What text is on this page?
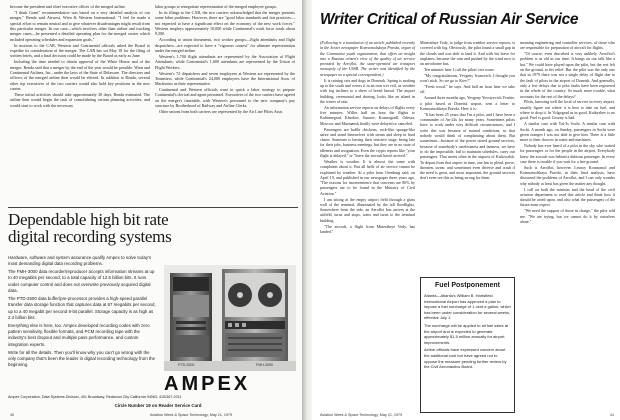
become the president and chief executive officer of the merged airline.

"I think Grant" recommendation was based on a very detailed analysis of our merger," Renda said Airwest, Wien & Western International. "I feel he made a special effort to remain neutral and to give whatever disadvantages might result from this particular merger. In our case—which involves other than airline and trucking merger cases—he presented a detailed operating plan for the merged carrier which included operating schedules and expansion goals."

In motions to the CAB, Western and Continental officials asked the Board to expedite its consideration of the merger. The CAB has set May 18 for the filing of written briefs, and a final decision could be made by the Board as early as June.

Including the time needed to obtain approval of the White House and of the merger, Renda said that a merger by the end of the year would be possible. Wien and Continental Airlines, Inc., under the laws of the State of Delaware. The directors and officers of the merged airline then would be elected. In addition to Renda, several other top executives of the two carriers would also hold key positions in the new carrier.

These initial activities should take approximately 30 days, Renda estimated. The airline then would begin the task of consolidating certain planning activities, and would start to work with the necessary

labor groups to renegotiate representation of the merged employee groups.

In its filings to the CAB, the two carriers acknowledged that the merger presents some labor problems. However, there are "good labor standards and fair practices—not expected to have a significant effect on the economy of the new work forces." Western employs approximately 10,000 while Continental's work force totals about 9,500.

According to union documents, two worker groups—flight attendants and flight dispatchers—are expected to have a "vigorous contest" for ultimate representation under the merged airline.

Western's 1,700 flight attendants are represented by the Association of Flight Attendants, while Continental's 1,600 attendants are represented by the Union of Flight Workers.

Western's 72 dispatchers and seven employees at Western are represented by the Teamsters, while Continental's 24,000 employees have the International Assn. of Machinists as their representative.

Continental and Western officials want to quick a labor strategy to prepare Continental's clerical and agent personnel. Executives of the two carriers have agreed on the merger's timetable, with Western's personnel to the new company's pay structure by Brotherhood of Railway and Airline Clerks.

Other unions from both carriers are represented by the Air Line Pilots Assn.

Dependable high bit rate digital recording systems

Hardware, software and system assurance qualify Ampex to solve today's most demanding digital data recording problems.

The FMH-3000 data recorder/reproducer accepts information streams at up to 40 megabits per second, to a total capacity of 12.5 billion bits. It runs under computer control and does not overwrite previously acquired digital data.

The PTD-2500 data buffer/pre-processor provides a high-speed parallel transfer data storage function that captures data at 67 megabits per second, up to a 40 megabit per second 8-bit parallel. Storage capacity is as high as 2.4 billion bits.

Everything else is here, too. Ampex developed recording codes with zero pattern sensitivity, flexible formats, and PCM recording tape with the industry's best dropout and multiple pass performance, and custom integration experts.

Write for all the details. Then you'll know why you can't go wrong with the only company that's been the leader in digital recording technology from the beginning.	PTD-2500	FMH-3000
AMPEX
Ampex Corporation, Data Systems Division, 401 Broadway, Redwood City California 94063, 415/367-2011
Circle Number 19 on Reader Service Card
40	Aviation Week & Space Technology, May 21, 1979
Writer Critical of Russian Air Service

(Following is a translation of an article published recently in the Soviet newspaper Komsomolskaya Pravda, organ of the Communist youth organization, that offers an insight into a Russian citizen's view of the quality of air service provided by Aeroflot, the state-operated air transport monopoly of the USSR. The writer was identified by the newspaper as a special correspondent.)

It is raining cats and dogs in Doneszk. Spring is making up to the south and covers it in an iron wet veil, as weather with fog inclines to a sheet of bread knead. The airport building, ceremonial and shining, looks like an island in the waves of rain.

An information service reports on delays of flights every five minutes. Willes half an hour the flights to Kalininegrad, Kharkov, Saratov, Krasnogradl, Odessa, Moscow and Murmansk finally were delayed or canceled.

Passengers are buffle chickens, rock-like sponge-like satire and stand themselves with steam and sleep in hard chairs. Someone is having their resistive stage, being late for their jobs, business meetings, but they are in no state of idleness and resignation. Even the crypts reports like "your flight is delayed," or "leave the aircraft hasn't arrived."

Weather is weather. It is almost the same with complaints about it. But all hells of air service cannot be explained by weather. At a pilot from Orenburg said, on April 19, and published in our newspaper three years ago. "The reasons for inconvenience that concerns are 80% by passengers are to be found in the Ministry of Civil Aviation."

I am sitting at the empty airport field through a glass wall of the terminal, illuminated by the tall floodlights. Somewhere from the side, an Aeroflot bus arrives at the airfield, turns and stops, waits and turns to the terminal building.

"The aircraft, a flight from Mineralnye Vody, has landed."

Mineralnye Vody, to judge from weather service reports, is covered with fog. Obviously, the pilot found a small gap in the clouds and was able to land it. And with his leave for airplanes, because the rain and pushed by the wind now is an aerodrome bus.

Ten minutes later I call the pilots' rest room:

"My congratulations, Yevgeny Ivanovich. I thought you won't stick. So we go to Kiev?"

"Fresh wood," he says. And half an hour later we take off.

Around three months ago, Yevgeny Yevstyevich Yvnitte, a pilot based at Donetsk airport, sent a letter to Komsomolskaya Pravda. Here it is:

"It has been 25 years that I'm a pilot, and I have been a commander of An-24s for many years. Sometimes pilots have to work under very difficult circumstances, and I write this was because of natural conditions, so that nobody would think of complaining about them. But sometimes—because of the power stored ground services, because of somebody's carelessness and laziness, we have to do the impossible, fail to maintain schedules, carry our passengers. That meets often in the airports of Kislovodsk. To depart from that airport in time, one has to plead, prove, threaten, swear, and sometimes even deceive and crash if the need is great, and most important, the ground services don't even see this as being wrong for them.

Fuel Postponement

Atlanta—Atlanta's William B. Hartsfield International Airport has approved a plan to impose a fuel surcharge of 1 cent a gallon, which has been under consideration for several weeks, effective July 1.

The surcharge will be applied to all fuel sales at the airport and is expected to generate approximately $1.5 million annually for airport improvements.

Airline officials have expressed concern about the additional cost but have agreed not to oppose the measure pending further review by the Civil Aeronautics Board.

meaning engineering and controller services, of those who are responsible for preparation of aircraft for flights.

"Of course, even described is very unlikely. Aeroflot's problem is as old as our time. It hangs on our talk like a hat." We could have played upon the pilot, but the rest left on the ground, to his relief. But the pilot was the only one that in 1979 there was not a single delay of flight due to the fault of pilots in the airport of Donetsk. And generally, only a few delays due to pilot faults have been registered in the whole of the country. So much more trouble, what accounts for the rest of the delays?

Pilots, knowing well the local of service in every airport, usually figure out where it is best to take on fuel, and where to drop it. In Volgograd as in good, Kuibyshev is no good. Fuel is good. Grozny is bad.

A similar case with Yal-3s Sochi. A similar case with Sochi. A month ago, on Sunday, passengers in Sochi were given oranges I was not able to give him. There is a little more to their choices in water and machines.

Nobody has ever heard of a pilot in the sky who waited for passengers or for the people in the airport. Everybody knew the aircraft was behind a dubious passenger. In every case there is trouble if you wait for a late ground.

Such is Aeroflot, however. Lesnoy Komsomol and Komsomolskaya Pravda, in their final analysis, have discussed the problems of Aeroflot, and I can only wonder why nobody at least has given the matter any thought.

I call on both the minister and the head of the civil aviation department to read this article and think how it should be acted upon, and also what the passengers of the future must expect.

"We need the support of those in charge," the pilot told me. "We are trying, but we cannot do it by ourselves alone."

Aviation Week & Space Technology, May 21, 1979	41
